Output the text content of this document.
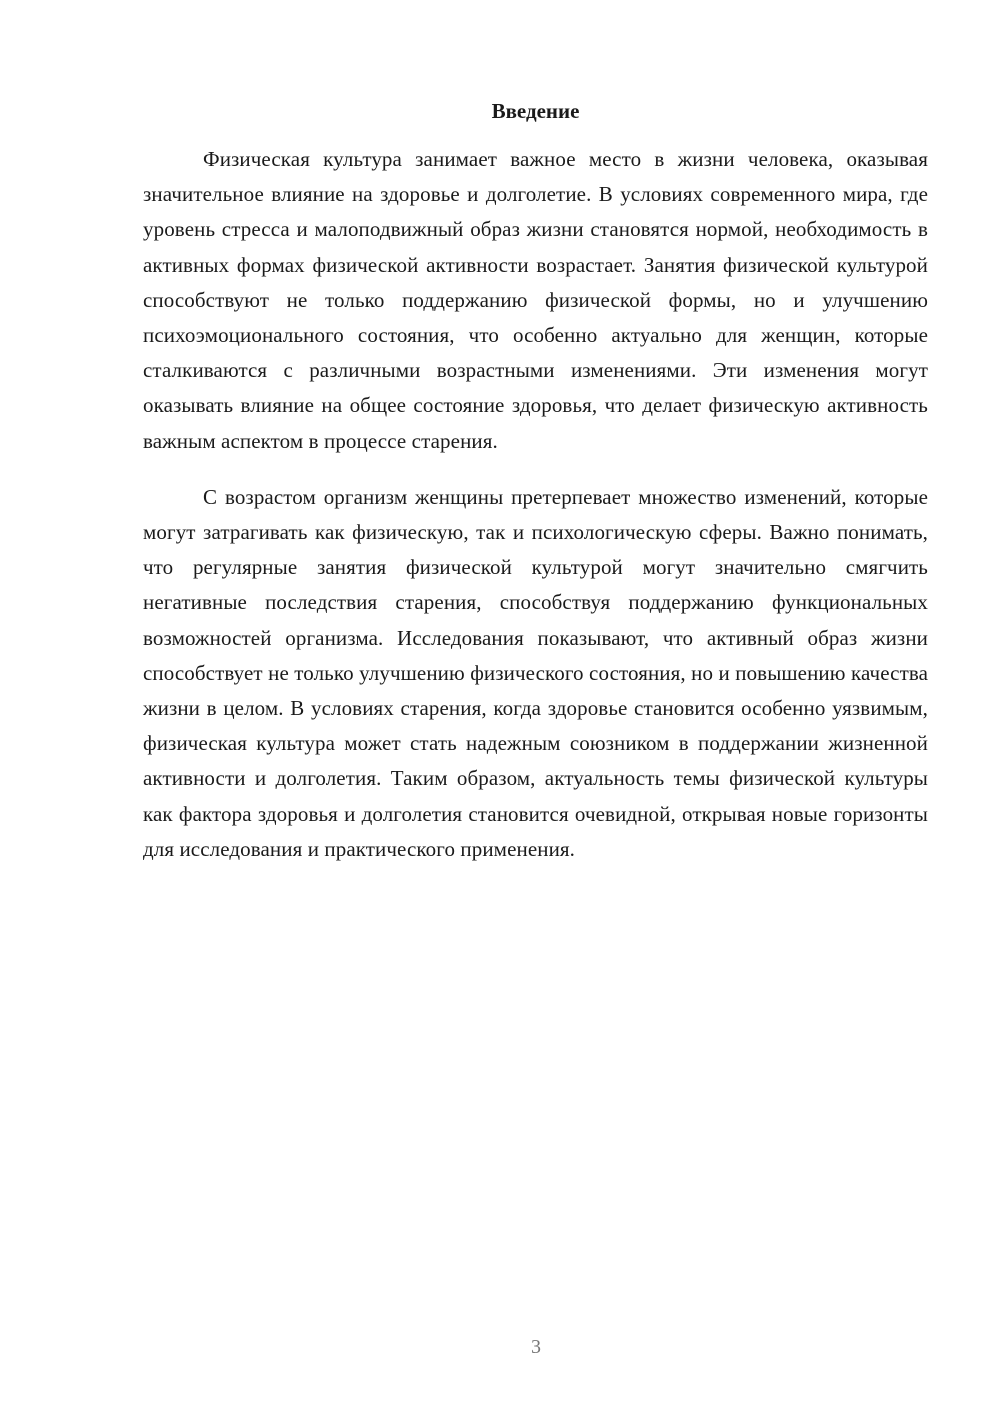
Введение

Физическая культура занимает важное место в жизни человека, оказывая значительное влияние на здоровье и долголетие. В условиях современного мира, где уровень стресса и малоподвижный образ жизни становятся нормой, необходимость в активных формах физической активности возрастает. Занятия физической культурой способствуют не только поддержанию физической формы, но и улучшению психоэмоционального состояния, что особенно актуально для женщин, которые сталкиваются с различными возрастными изменениями. Эти изменения могут оказывать влияние на общее состояние здоровья, что делает физическую активность важным аспектом в процессе старения.

С возрастом организм женщины претерпевает множество изменений, которые могут затрагивать как физическую, так и психологическую сферы. Важно понимать, что регулярные занятия физической культурой могут значительно смягчить негативные последствия старения, способствуя поддержанию функциональных возможностей организма. Исследования показывают, что активный образ жизни способствует не только улучшению физического состояния, но и повышению качества жизни в целом. В условиях старения, когда здоровье становится особенно уязвимым, физическая культура может стать надежным союзником в поддержании жизненной активности и долголетия. Таким образом, актуальность темы физической культуры как фактора здоровья и долголетия становится очевидной, открывая новые горизонты для исследования и практического применения.

3
